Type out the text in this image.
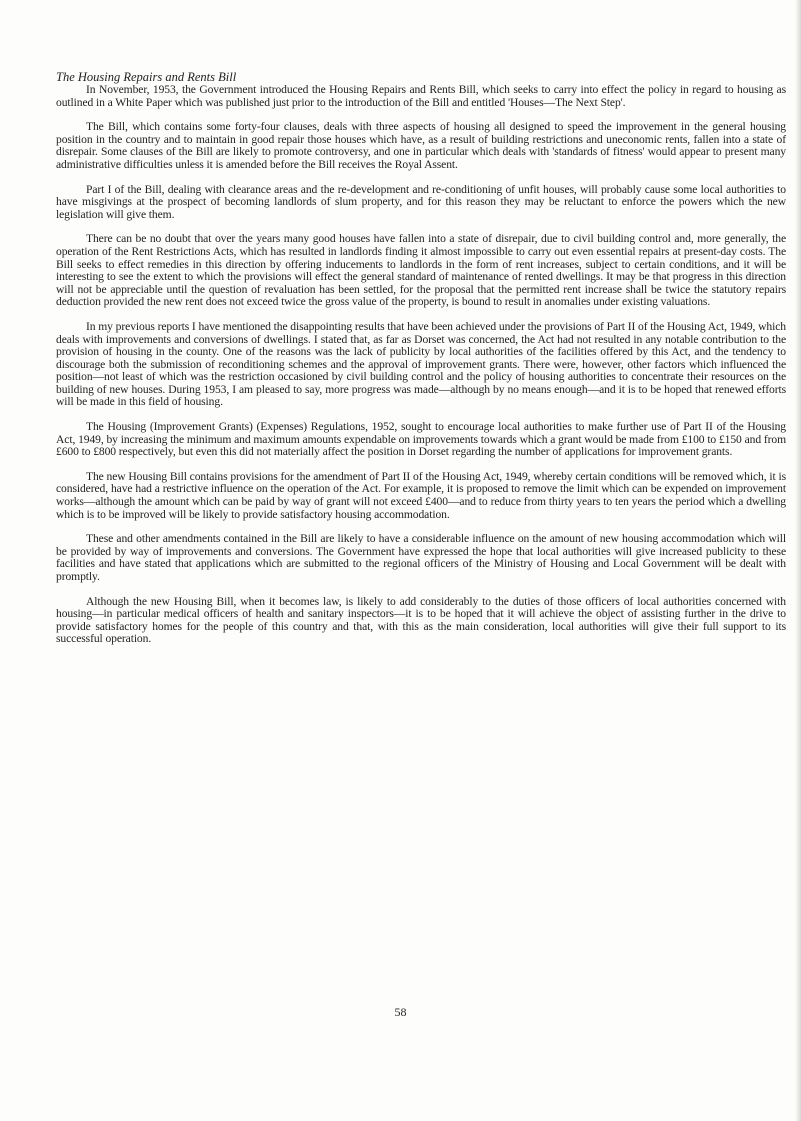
The Housing Repairs and Rents Bill

In November, 1953, the Government introduced the Housing Repairs and Rents Bill, which seeks to carry into effect the policy in regard to housing as outlined in a White Paper which was published just prior to the introduction of the Bill and entitled 'Houses—The Next Step'.

The Bill, which contains some forty-four clauses, deals with three aspects of housing all designed to speed the improvement in the general housing position in the country and to maintain in good repair those houses which have, as a result of building restrictions and uneconomic rents, fallen into a state of disrepair. Some clauses of the Bill are likely to promote controversy, and one in particular which deals with 'standards of fitness' would appear to present many administrative difficulties unless it is amended before the Bill receives the Royal Assent.

Part I of the Bill, dealing with clearance areas and the re-development and re-conditioning of unfit houses, will probably cause some local authorities to have misgivings at the prospect of becoming landlords of slum property, and for this reason they may be reluctant to enforce the powers which the new legislation will give them.

There can be no doubt that over the years many good houses have fallen into a state of disrepair, due to civil building control and, more generally, the operation of the Rent Restrictions Acts, which has resulted in landlords finding it almost impossible to carry out even essential repairs at present-day costs. The Bill seeks to effect remedies in this direction by offering inducements to landlords in the form of rent increases, subject to certain conditions, and it will be interesting to see the extent to which the provisions will effect the general standard of maintenance of rented dwellings. It may be that progress in this direction will not be appreciable until the question of revaluation has been settled, for the proposal that the permitted rent increase shall be twice the statutory repairs deduction provided the new rent does not exceed twice the gross value of the property, is bound to result in anomalies under existing valuations.

In my previous reports I have mentioned the disappointing results that have been achieved under the provisions of Part II of the Housing Act, 1949, which deals with improvements and conversions of dwellings. I stated that, as far as Dorset was concerned, the Act had not resulted in any notable contribution to the provision of housing in the county. One of the reasons was the lack of publicity by local authorities of the facilities offered by this Act, and the tendency to discourage both the submission of reconditioning schemes and the approval of improvement grants. There were, however, other factors which influenced the position—not least of which was the restriction occasioned by civil building control and the policy of housing authorities to concentrate their resources on the building of new houses. During 1953, I am pleased to say, more progress was made—although by no means enough—and it is to be hoped that renewed efforts will be made in this field of housing.

The Housing (Improvement Grants) (Expenses) Regulations, 1952, sought to encourage local authorities to make further use of Part II of the Housing Act, 1949, by increasing the minimum and maximum amounts expendable on improvements towards which a grant would be made from £100 to £150 and from £600 to £800 respectively, but even this did not materially affect the position in Dorset regarding the number of applications for improvement grants.

The new Housing Bill contains provisions for the amendment of Part II of the Housing Act, 1949, whereby certain conditions will be removed which, it is considered, have had a restrictive influence on the operation of the Act. For example, it is proposed to remove the limit which can be expended on improvement works—although the amount which can be paid by way of grant will not exceed £400—and to reduce from thirty years to ten years the period which a dwelling which is to be improved will be likely to provide satisfactory housing accommodation.

These and other amendments contained in the Bill are likely to have a considerable influence on the amount of new housing accommodation which will be provided by way of improvements and conversions. The Government have expressed the hope that local authorities will give increased publicity to these facilities and have stated that applications which are submitted to the regional officers of the Ministry of Housing and Local Government will be dealt with promptly.

Although the new Housing Bill, when it becomes law, is likely to add considerably to the duties of those officers of local authorities concerned with housing—in particular medical officers of health and sanitary inspectors—it is to be hoped that it will achieve the object of assisting further in the drive to provide satisfactory homes for the people of this country and that, with this as the main consideration, local authorities will give their full support to its successful operation.

58
